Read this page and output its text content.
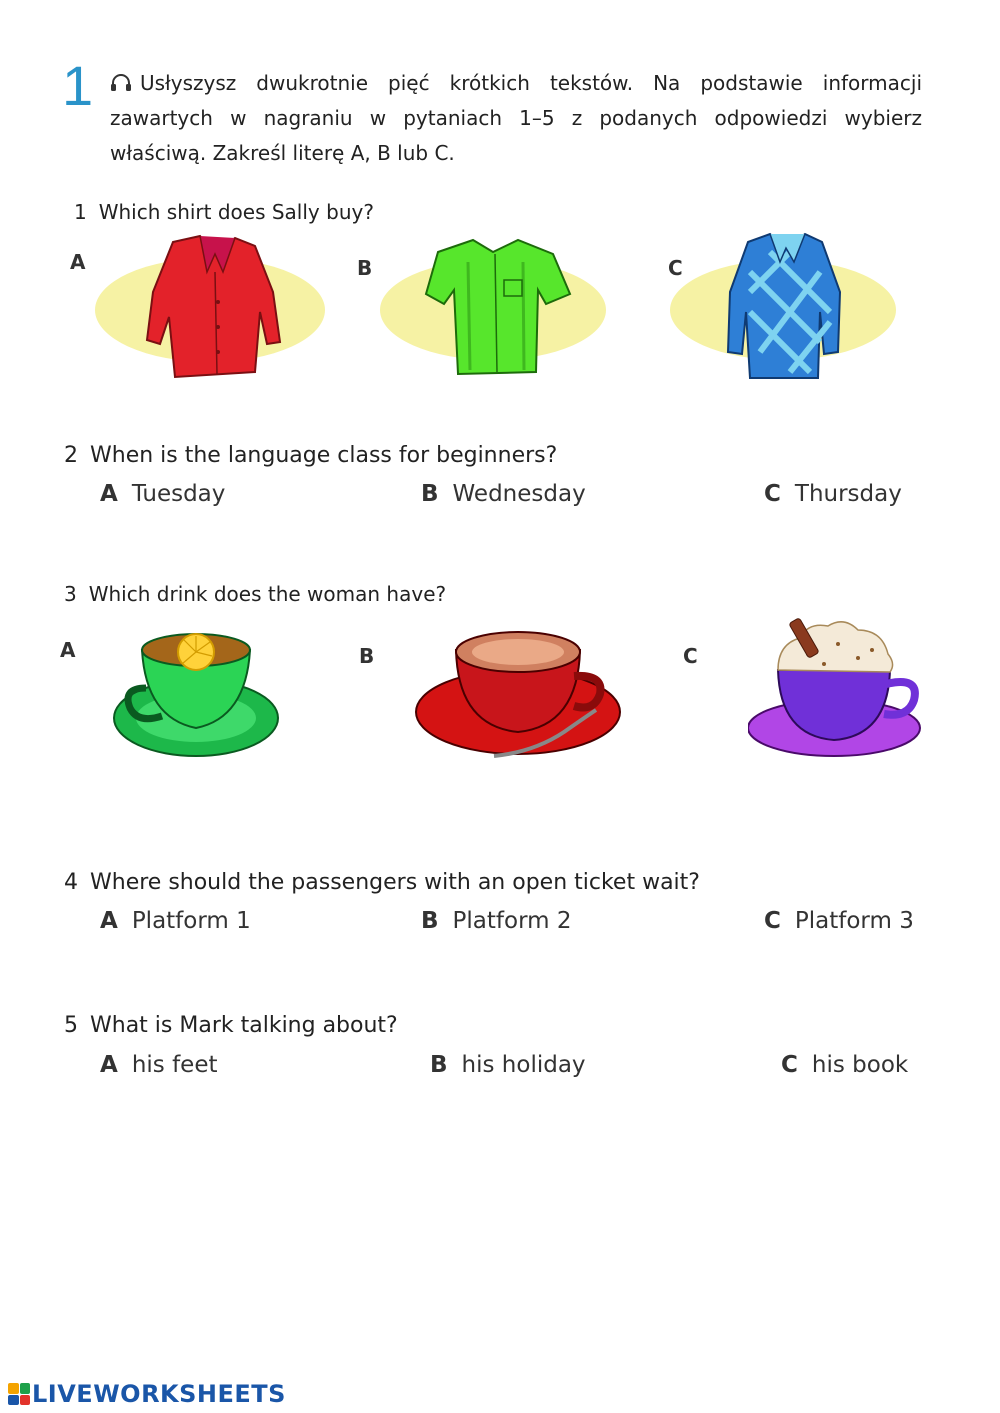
1	Usłyszysz dwukrotnie pięć krótkich tekstów. Na podstawie informacji zawartych w nagraniu w pytaniach 1–5 z podanych odpowiedzi wybierz właściwą. Zakreśl literę A, B lub C.
1 Which shirt does Sally buy?
A	B	C
2 When is the language class for beginners?
A Tuesday	B Wednesday	C Thursday
3 Which drink does the woman have?
A	B	C
4 Where should the passengers with an open ticket wait?
A Platform 1	B Platform 2	C Platform 3
5 What is Mark talking about?
A his feet	B his holiday	C his book
LIVEWORKSHEETS
